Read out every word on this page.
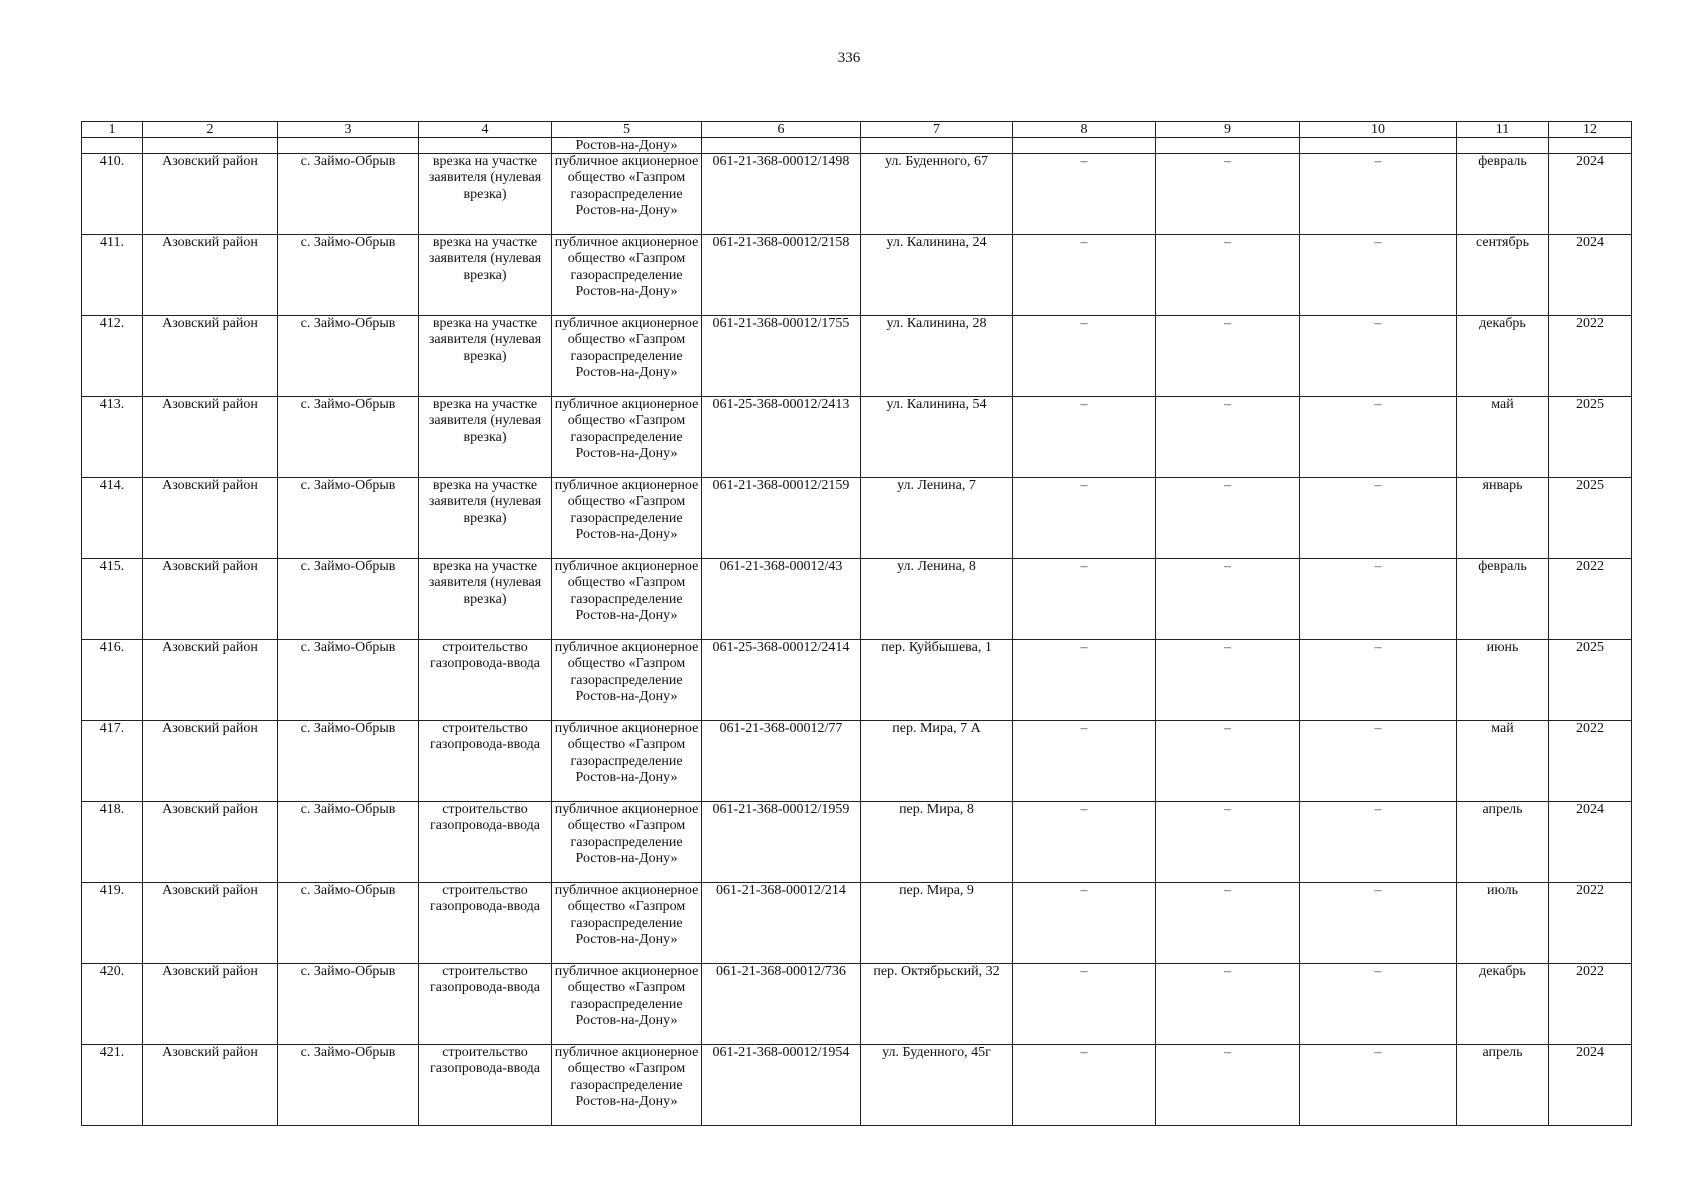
336
1	2	3	4	5	6	7	8	9	10	11	12
				Ростов-на-Дону»							
410.	Азовский район	с. Займо-Обрыв	врезка на участке заявителя (нулевая врезка)	публичное акционерное общество «Газпром газораспределение Ростов-на-Дону»	061-21-368-00012/1498	ул. Буденного, 67	–	–	–	февраль	2024
411.	Азовский район	с. Займо-Обрыв	врезка на участке заявителя (нулевая врезка)	публичное акционерное общество «Газпром газораспределение Ростов-на-Дону»	061-21-368-00012/2158	ул. Калинина, 24	–	–	–	сентябрь	2024
412.	Азовский район	с. Займо-Обрыв	врезка на участке заявителя (нулевая врезка)	публичное акционерное общество «Газпром газораспределение Ростов-на-Дону»	061-21-368-00012/1755	ул. Калинина, 28	–	–	–	декабрь	2022
413.	Азовский район	с. Займо-Обрыв	врезка на участке заявителя (нулевая врезка)	публичное акционерное общество «Газпром газораспределение Ростов-на-Дону»	061-25-368-00012/2413	ул. Калинина, 54	–	–	–	май	2025
414.	Азовский район	с. Займо-Обрыв	врезка на участке заявителя (нулевая врезка)	публичное акционерное общество «Газпром газораспределение Ростов-на-Дону»	061-21-368-00012/2159	ул. Ленина, 7	–	–	–	январь	2025
415.	Азовский район	с. Займо-Обрыв	врезка на участке заявителя (нулевая врезка)	публичное акционерное общество «Газпром газораспределение Ростов-на-Дону»	061-21-368-00012/43	ул. Ленина, 8	–	–	–	февраль	2022
416.	Азовский район	с. Займо-Обрыв	строительство газопровода-ввода	публичное акционерное общество «Газпром газораспределение Ростов-на-Дону»	061-25-368-00012/2414	пер. Куйбышева, 1	–	–	–	июнь	2025
417.	Азовский район	с. Займо-Обрыв	строительство газопровода-ввода	публичное акционерное общество «Газпром газораспределение Ростов-на-Дону»	061-21-368-00012/77	пер. Мира, 7 А	–	–	–	май	2022
418.	Азовский район	с. Займо-Обрыв	строительство газопровода-ввода	публичное акционерное общество «Газпром газораспределение Ростов-на-Дону»	061-21-368-00012/1959	пер. Мира, 8	–	–	–	апрель	2024
419.	Азовский район	с. Займо-Обрыв	строительство газопровода-ввода	публичное акционерное общество «Газпром газораспределение Ростов-на-Дону»	061-21-368-00012/214	пер. Мира, 9	–	–	–	июль	2022
420.	Азовский район	с. Займо-Обрыв	строительство газопровода-ввода	публичное акционерное общество «Газпром газораспределение Ростов-на-Дону»	061-21-368-00012/736	пер. Октябрьский, 32	–	–	–	декабрь	2022
421.	Азовский район	с. Займо-Обрыв	строительство газопровода-ввода	публичное акционерное общество «Газпром газораспределение Ростов-на-Дону»	061-21-368-00012/1954	ул. Буденного, 45г	–	–	–	апрель	2024
